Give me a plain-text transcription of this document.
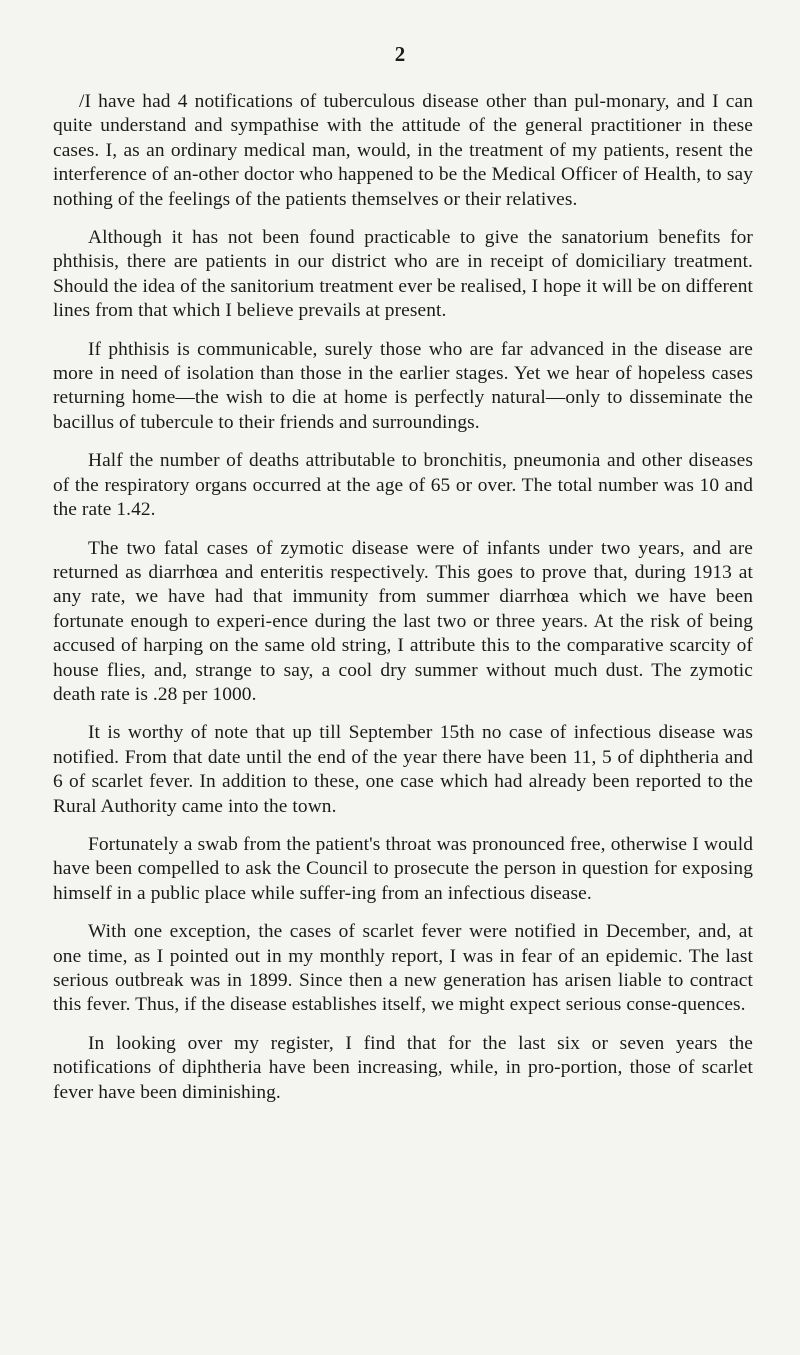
2

/I have had 4 notifications of tuberculous disease other than pul-monary, and I can quite understand and sympathise with the attitude of the general practitioner in these cases. I, as an ordinary medical man, would, in the treatment of my patients, resent the interference of an-other doctor who happened to be the Medical Officer of Health, to say nothing of the feelings of the patients themselves or their relatives.

Although it has not been found practicable to give the sanatorium benefits for phthisis, there are patients in our district who are in receipt of domiciliary treatment. Should the idea of the sanitorium treatment ever be realised, I hope it will be on different lines from that which I believe prevails at present.

If phthisis is communicable, surely those who are far advanced in the disease are more in need of isolation than those in the earlier stages. Yet we hear of hopeless cases returning home—the wish to die at home is perfectly natural—only to disseminate the bacillus of tubercule to their friends and surroundings.

Half the number of deaths attributable to bronchitis, pneumonia and other diseases of the respiratory organs occurred at the age of 65 or over. The total number was 10 and the rate 1.42.

The two fatal cases of zymotic disease were of infants under two years, and are returned as diarrhœa and enteritis respectively. This goes to prove that, during 1913 at any rate, we have had that immunity from summer diarrhœa which we have been fortunate enough to experi-ence during the last two or three years. At the risk of being accused of harping on the same old string, I attribute this to the comparative scarcity of house flies, and, strange to say, a cool dry summer without much dust. The zymotic death rate is .28 per 1000.

It is worthy of note that up till September 15th no case of infectious disease was notified. From that date until the end of the year there have been 11, 5 of diphtheria and 6 of scarlet fever. In addition to these, one case which had already been reported to the Rural Authority came into the town.

Fortunately a swab from the patient's throat was pronounced free, otherwise I would have been compelled to ask the Council to prosecute the person in question for exposing himself in a public place while suffer-ing from an infectious disease.

With one exception, the cases of scarlet fever were notified in December, and, at one time, as I pointed out in my monthly report, I was in fear of an epidemic. The last serious outbreak was in 1899. Since then a new generation has arisen liable to contract this fever. Thus, if the disease establishes itself, we might expect serious conse-quences.

In looking over my register, I find that for the last six or seven years the notifications of diphtheria have been increasing, while, in pro-portion, those of scarlet fever have been diminishing.
